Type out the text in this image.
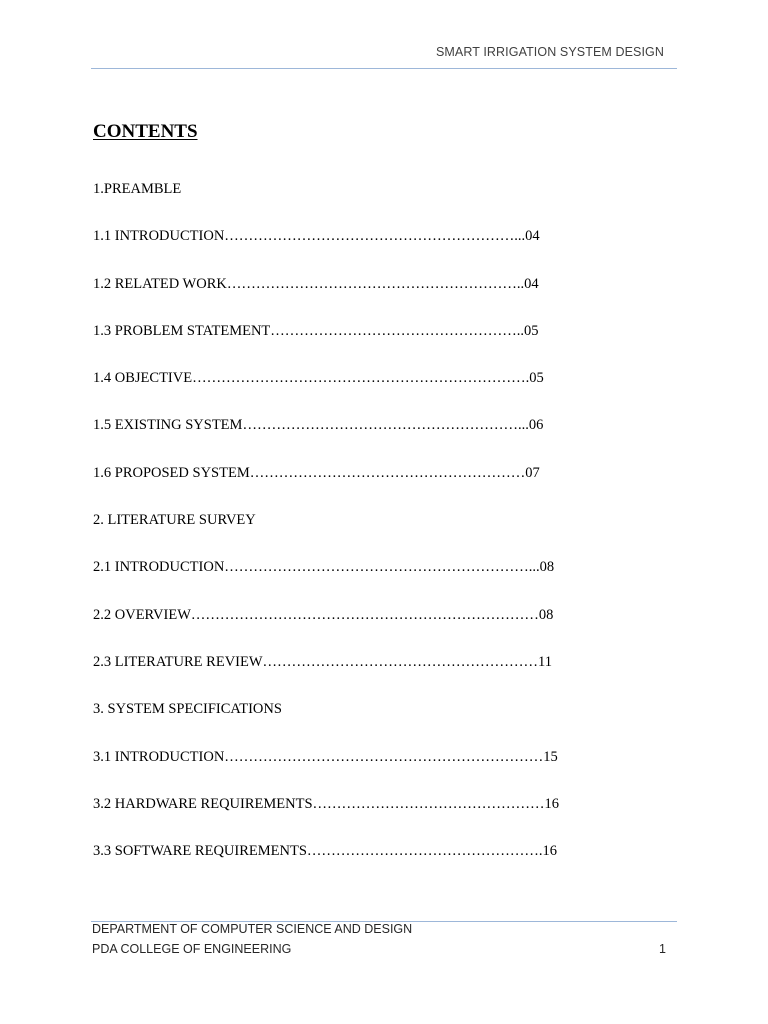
SMART IRRIGATION SYSTEM DESIGN
CONTENTS
1.PREAMBLE
1.1 INTRODUCTION……………………………………………………...04
1.2 RELATED WORK……………………………………………………..04
1.3 PROBLEM STATEMENT……………………………………………..05
1.4 OBJECTIVE…………………………………………………………….05
1.5 EXISTING SYSTEM…………………………………………………...06
1.6 PROPOSED SYSTEM…………………………………………………07
2. LITERATURE SURVEY
2.1 INTRODUCTION………………………………………………………...08
2.2 OVERVIEW………………………………………………………………08
2.3 LITERATURE REVIEW…………………………………………………11
3. SYSTEM SPECIFICATIONS
3.1 INTRODUCTION…………………………………………………………15
3.2 HARDWARE REQUIREMENTS…………………………………………16
3.3 SOFTWARE REQUIREMENTS………………………………………….16
DEPARTMENT OF COMPUTER SCIENCE AND DESIGN
PDA COLLEGE OF ENGINEERING	1
